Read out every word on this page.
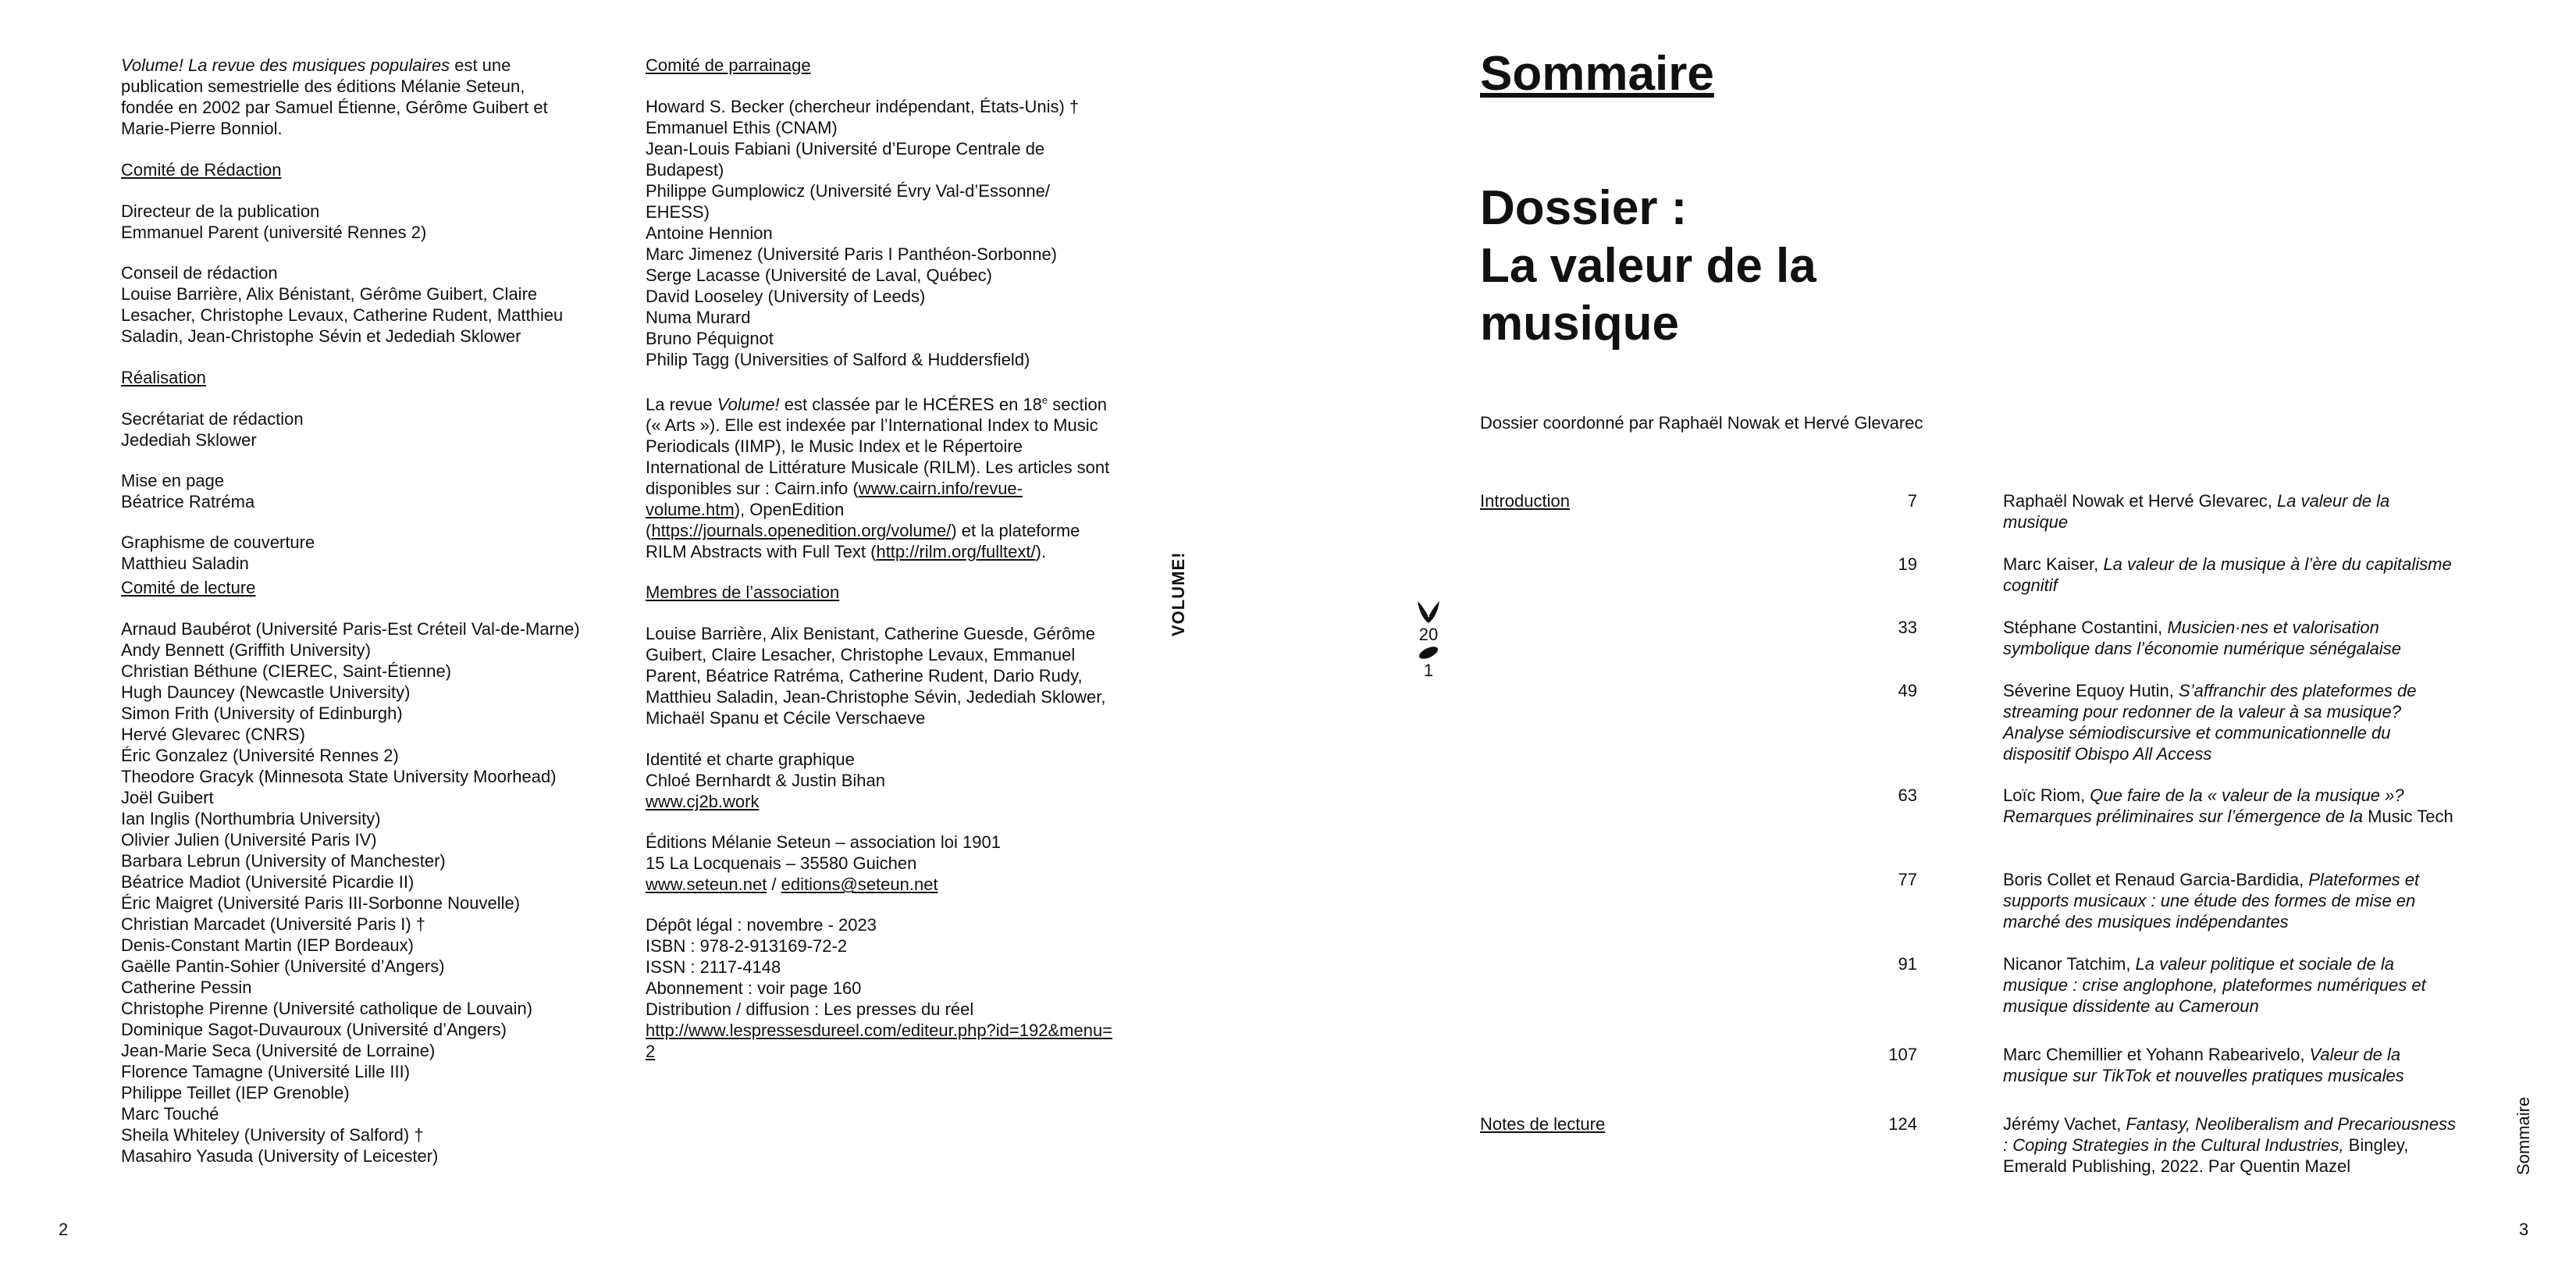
Volume! La revue des musiques populaires est une publication semestrielle des éditions Mélanie Seteun, fondée en 2002 par Samuel Étienne, Gérôme Guibert et Marie-Pierre Bonniol.

Comité de Rédaction

Directeur de la publication

Emmanuel Parent (université Rennes 2)

Conseil de rédaction

Louise Barrière, Alix Bénistant, Gérôme Guibert, Claire Lesacher, Christophe Levaux, Catherine Rudent, Matthieu Saladin, Jean-Christophe Sévin et Jedediah Sklower

Réalisation

Secrétariat de rédaction

Jedediah Sklower

Mise en page

Béatrice Ratréma

Graphisme de couverture

Matthieu Saladin

Comité de lecture

Arnaud Baubérot (Université Paris-Est Créteil Val-de-Marne)

Andy Bennett (Griffith University)

Christian Béthune (CIEREC, Saint-Étienne)

Hugh Dauncey (Newcastle University)

Simon Frith (University of Edinburgh)

Hervé Glevarec (CNRS)

Éric Gonzalez (Université Rennes 2)

Theodore Gracyk (Minnesota State University Moorhead)

Joël Guibert

Ian Inglis (Northumbria University)

Olivier Julien (Université Paris IV)

Barbara Lebrun (University of Manchester)

Béatrice Madiot (Université Picardie II)

Éric Maigret (Université Paris III-Sorbonne Nouvelle)

Christian Marcadet (Université Paris I) †

Denis-Constant Martin (IEP Bordeaux)

Gaëlle Pantin-Sohier (Université d’Angers)

Catherine Pessin

Christophe Pirenne (Université catholique de Louvain)

Dominique Sagot-Duvauroux (Université d’Angers)

Jean-Marie Seca (Université de Lorraine)

Florence Tamagne (Université Lille III)

Philippe Teillet (IEP Grenoble)

Marc Touché

Sheila Whiteley (University of Salford) †

Masahiro Yasuda (University of Leicester)

Comité de parrainage

Howard S. Becker (chercheur indépendant, États-Unis) †

Emmanuel Ethis (CNAM)

Jean-Louis Fabiani (Université d’Europe Centrale de Budapest)

Philippe Gumplowicz (Université Évry Val-d’Essonne/ EHESS)

Antoine Hennion

Marc Jimenez (Université Paris I Panthéon-Sorbonne)

Serge Lacasse (Université de Laval, Québec)

David Looseley (University of Leeds)

Numa Murard

Bruno Péquignot

Philip Tagg (Universities of Salford & Huddersfield)

La revue Volume! est classée par le HCÉRES en 18e section (« Arts »). Elle est indexée par l’International Index to Music Periodicals (IIMP), le Music Index et le Répertoire International de Littérature Musicale (RILM). Les articles sont disponibles sur : Cairn.info (www.cairn.info/revue-volume.htm), OpenEdition (https://journals.openedition.org/volume/) et la plateforme RILM Abstracts with Full Text (http://rilm.org/fulltext/).

Membres de l’association

Louise Barrière, Alix Benistant, Catherine Guesde, Gérôme Guibert, Claire Lesacher, Christophe Levaux, Emmanuel Parent, Béatrice Ratréma, Catherine Rudent, Dario Rudy, Matthieu Saladin, Jean-Christophe Sévin, Jedediah Sklower, Michaël Spanu et Cécile Verschaeve

Identité et charte graphique

Chloé Bernhardt & Justin Bihan

www.cj2b.work

Éditions Mélanie Seteun – association loi 1901

15 La Locquenais – 35580 Guichen

www.seteun.net / editions@seteun.net

Dépôt légal : novembre - 2023

ISBN : 978-2-913169-72-2

ISSN : 2117-4148

Abonnement : voir page 160

Distribution / diffusion : Les presses du réel

http://www.lespressesdureel.com/editeur.php?id=192&menu=2

2
VOLUME!	20
1
Sommaire
Dossier :
La valeur de la
musique
Dossier coordonné par Raphaël Nowak et Hervé Glevarec
Introduction	7	Raphaël Nowak et Hervé Glevarec, La valeur de la musique
19	Marc Kaiser, La valeur de la musique à l’ère du capitalisme cognitif
33	Stéphane Costantini, Musicien·nes et valorisation symbolique dans l’économie numérique sénégalaise
49	Séverine Equoy Hutin, S’affranchir des plateformes de streaming pour redonner de la valeur à sa musique? Analyse sémiodiscursive et communicationnelle du dispositif Obispo All Access
63	Loïc Riom, Que faire de la « valeur de la musique »? Remarques préliminaires sur l’émergence de la Music Tech
77	Boris Collet et Renaud Garcia-Bardidia, Plateformes et supports musicaux : une étude des formes de mise en marché des musiques indépendantes
91	Nicanor Tatchim, La valeur politique et sociale de la musique : crise anglophone, plateformes numériques et musique dissidente au Cameroun
107	Marc Chemillier et Yohann Rabearivelo, Valeur de la musique sur TikTok et nouvelles pratiques musicales
Notes de lecture	124	Jérémy Vachet, Fantasy, Neoliberalism and Precariousness : Coping Strategies in the Cultural Industries, Bingley, Emerald Publishing, 2022. Par Quentin Mazel	Sommaire
3
